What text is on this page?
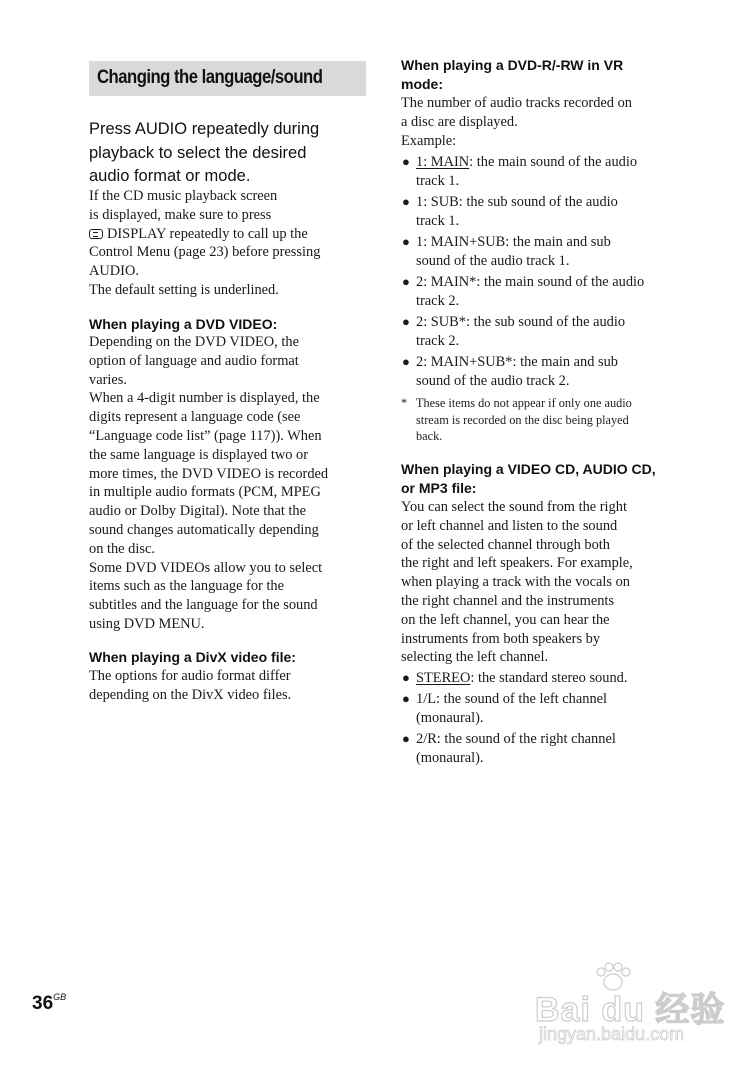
Changing the language/sound
Press AUDIO repeatedly during
playback to select the desired
audio format or mode.
If the CD music playback screen
is displayed, make sure to press
DISPLAY repeatedly to call up the
Control Menu (page 23) before pressing
AUDIO.
The default setting is underlined.
When playing a DVD VIDEO:
Depending on the DVD VIDEO, the
option of language and audio format
varies.
When a 4-digit number is displayed, the
digits represent a language code (see
“Language code list” (page 117)). When
the same language is displayed two or
more times, the DVD VIDEO is recorded
in multiple audio formats (PCM, MPEG
audio or Dolby Digital). Note that the
sound changes automatically depending
on the disc.
Some DVD VIDEOs allow you to select
items such as the language for the
subtitles and the language for the sound
using DVD MENU.
When playing a DivX video file:
The options for audio format differ
depending on the DivX video files.
When playing a DVD-R/-RW in VR
mode:
The number of audio tracks recorded on
a disc are displayed.
Example:
● 1: MAIN: the main sound of the audio
track 1.
● 1: SUB: the sub sound of the audio
track 1.
● 1: MAIN+SUB: the main and sub
sound of the audio track 1.
● 2: MAIN*: the main sound of the audio
track 2.
● 2: SUB*: the sub sound of the audio
track 2.
● 2: MAIN+SUB*: the main and sub
sound of the audio track 2.
* These items do not appear if only one audio
stream is recorded on the disc being played
back.
When playing a VIDEO CD, AUDIO CD,
or MP3 file:
You can select the sound from the right
or left channel and listen to the sound
of the selected channel through both
the right and left speakers. For example,
when playing a track with the vocals on
the right channel and the instruments
on the left channel, you can hear the
instruments from both speakers by
selecting the left channel.
● STEREO: the standard stereo sound.
● 1/L: the sound of the left channel
(monaural).
● 2/R: the sound of the right channel
(monaural).
$36^{GB}$	Bai du 经验
jingyan.baidu.com
